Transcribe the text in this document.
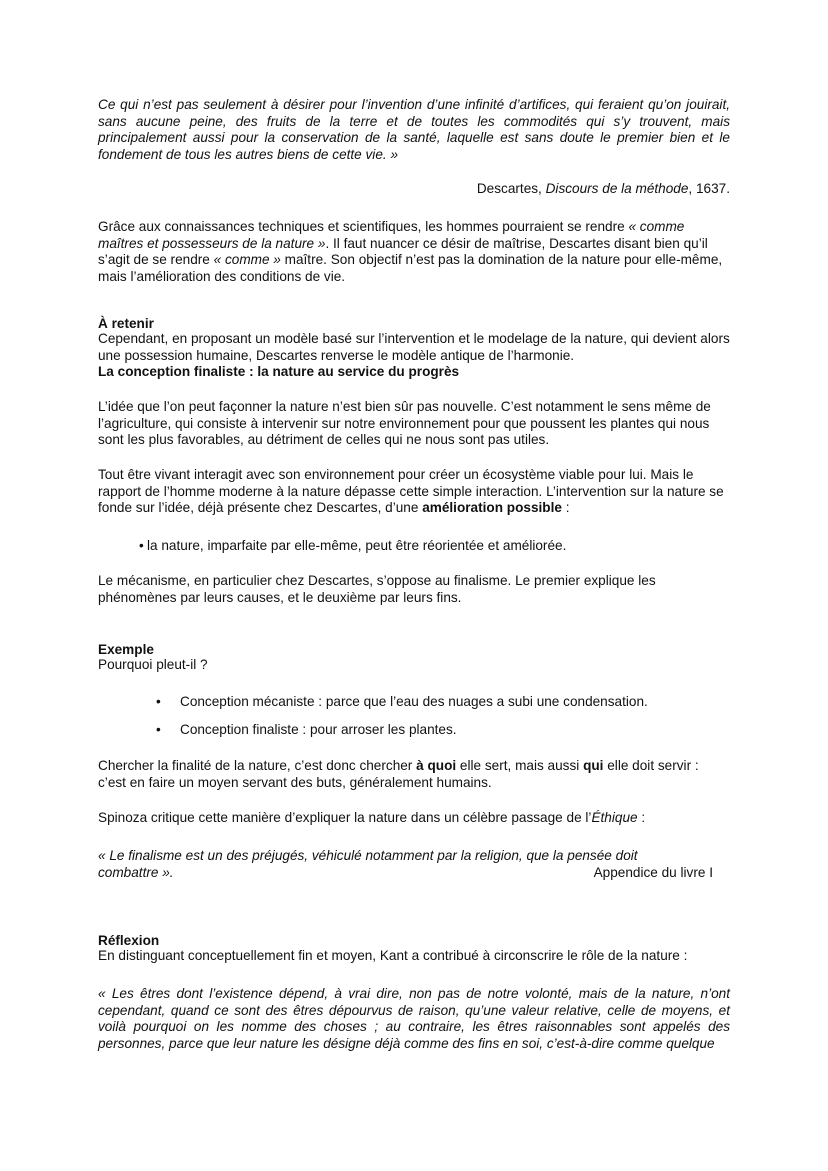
Ce qui n’est pas seulement à désirer pour l’invention d’une infinité d’artifices, qui feraient qu’on jouirait, sans aucune peine, des fruits de la terre et de toutes les commodités qui s’y trouvent, mais principalement aussi pour la conservation de la santé, laquelle est sans doute le premier bien et le fondement de tous les autres biens de cette vie. »
Descartes, Discours de la méthode, 1637.
Grâce aux connaissances techniques et scientifiques, les hommes pourraient se rendre « comme maîtres et possesseurs de la nature ». Il faut nuancer ce désir de maîtrise, Descartes disant bien qu’il s’agit de se rendre « comme » maître. Son objectif n’est pas la domination de la nature pour elle-même, mais l’amélioration des conditions de vie.
À retenir
Cependant, en proposant un modèle basé sur l’intervention et le modelage de la nature, qui devient alors une possession humaine, Descartes renverse le modèle antique de l’harmonie.
La conception finaliste : la nature au service du progrès
L’idée que l’on peut façonner la nature n’est bien sûr pas nouvelle. C’est notamment le sens même de l’agriculture, qui consiste à intervenir sur notre environnement pour que poussent les plantes qui nous sont les plus favorables, au détriment de celles qui ne nous sont pas utiles.
Tout être vivant interagit avec son environnement pour créer un écosystème viable pour lui. Mais le rapport de l’homme moderne à la nature dépasse cette simple interaction. L’intervention sur la nature se fonde sur l’idée, déjà présente chez Descartes, d’une amélioration possible :
• la nature, imparfaite par elle-même, peut être réorientée et améliorée.
Le mécanisme, en particulier chez Descartes, s’oppose au finalisme. Le premier explique les phénomènes par leurs causes, et le deuxième par leurs fins.
Exemple
Pourquoi pleut-il ?
• Conception mécaniste : parce que l’eau des nuages a subi une condensation.
• Conception finaliste : pour arroser les plantes.
Chercher la finalité de la nature, c’est donc chercher à quoi elle sert, mais aussi qui elle doit servir : c’est en faire un moyen servant des buts, généralement humains.
Spinoza critique cette manière d’expliquer la nature dans un célèbre passage de l’Éthique :
« Le finalisme est un des préjugés, véhiculé notamment par la religion, que la pensée doit
combattre ».	Appendice du livre I
Réflexion
En distinguant conceptuellement fin et moyen, Kant a contribué à circonscrire le rôle de la nature :
« Les êtres dont l’existence dépend, à vrai dire, non pas de notre volonté, mais de la nature, n’ont cependant, quand ce sont des êtres dépourvus de raison, qu’une valeur relative, celle de moyens, et voilà pourquoi on les nomme des choses ; au contraire, les êtres raisonnables sont appelés des personnes, parce que leur nature les désigne déjà comme des fins en soi, c’est-à-dire comme quelque
